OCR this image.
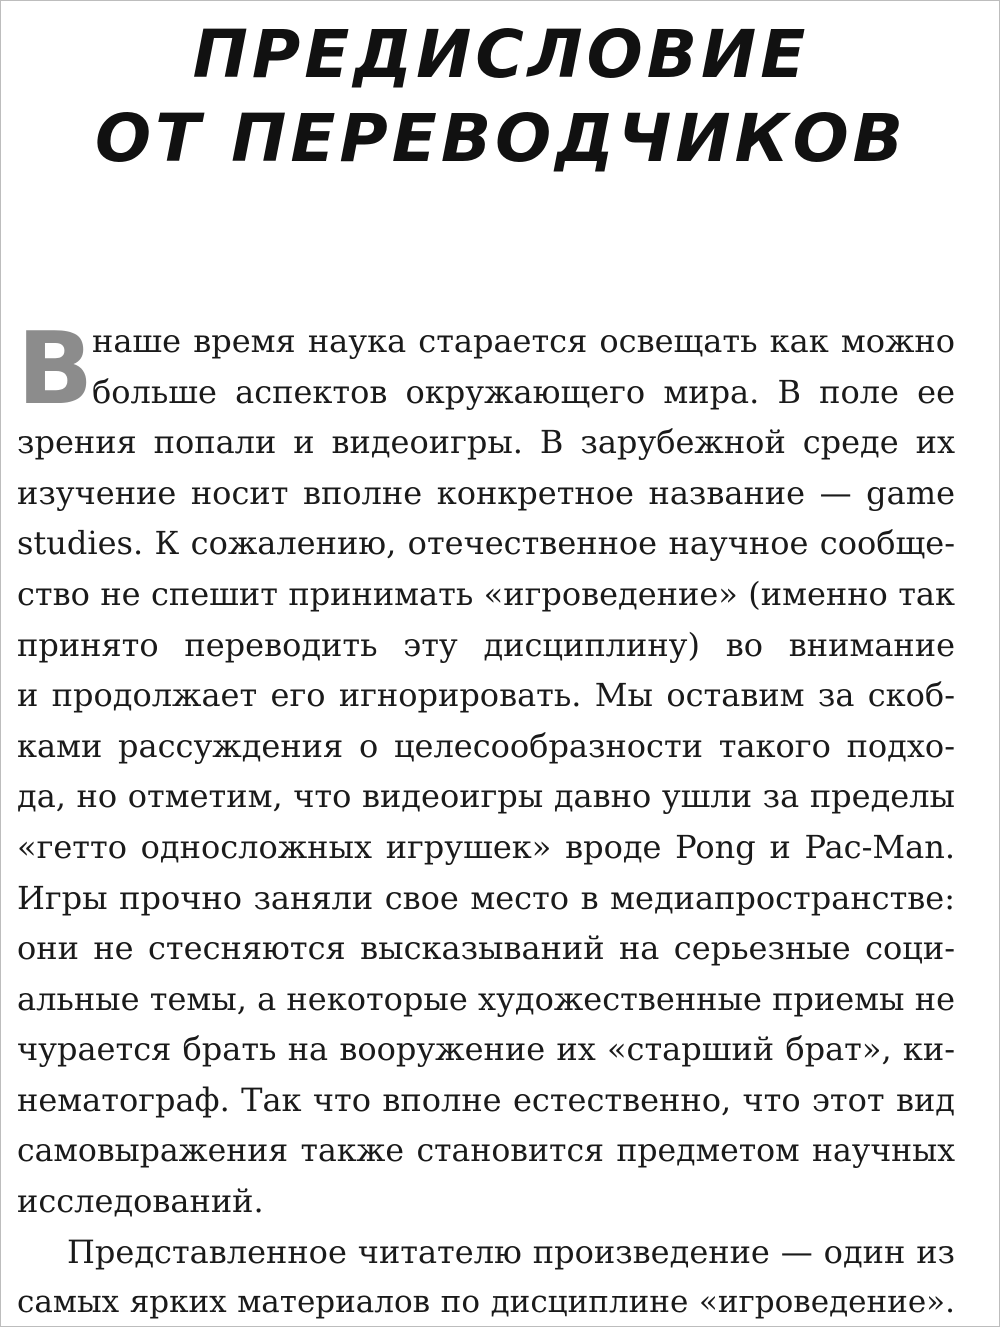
ПРЕДИСЛОВИЕ
ОТ ПЕРЕВОДЧИКОВ
В
наше время наука старается освещать как можно
больше аспектов окружающего мира. В поле ее
зрения попали и видеоигры. В зарубежной среде их
изучение носит вполне конкретное название — game
studies. К сожалению, отечественное научное сообще-
ство не спешит принимать «игроведение» (именно так
принято переводить эту дисциплину) во внимание
и продолжает его игнорировать. Мы оставим за скоб-
ками рассуждения о целесообразности такого подхо-
да, но отметим, что видеоигры давно ушли за пределы
«гетто односложных игрушек» вроде Pong и Pac-Man.
Игры прочно заняли свое место в медиапространстве:
они не стесняются высказываний на серьезные соци-
альные темы, а некоторые художественные приемы не
чурается брать на вооружение их «старший брат», ки-
нематограф. Так что вполне естественно, что этот вид
самовыражения также становится предметом научных
исследований.
Представленное читателю произведение — один из
самых ярких материалов по дисциплине «игроведение».
